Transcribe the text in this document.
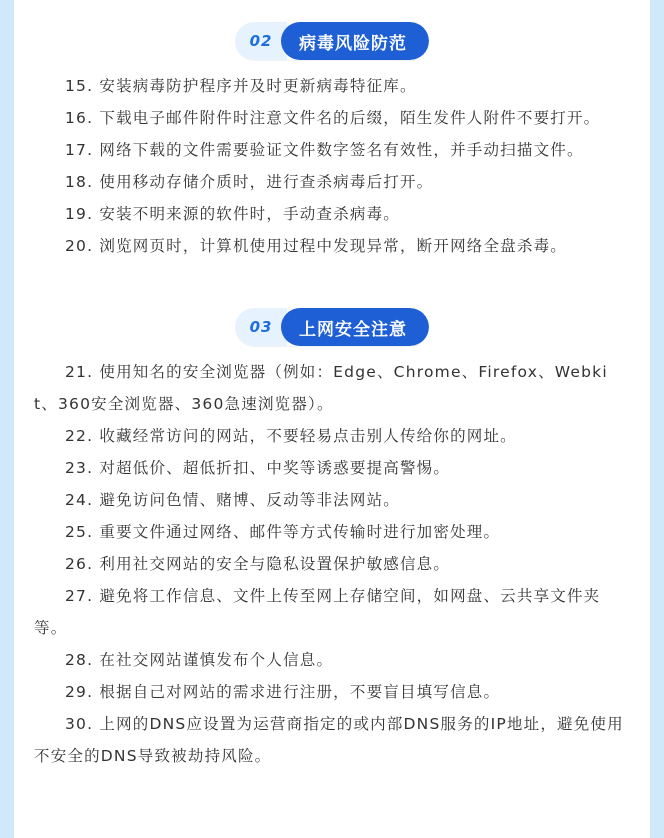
02	病毒风险防范

15. 安装病毒防护程序并及时更新病毒特征库。

16. 下载电子邮件附件时注意文件名的后缀，陌生发件人附件不要打开。

17. 网络下载的文件需要验证文件数字签名有效性，并手动扫描文件。

18. 使用移动存储介质时，进行查杀病毒后打开。

19. 安装不明来源的软件时，手动查杀病毒。

20. 浏览网页时，计算机使用过程中发现异常，断开网络全盘杀毒。

03	上网安全注意

21. 使用知名的安全浏览器（例如：Edge、Chrome、Firefox、Webkit、360安全浏览器、360急速浏览器）。

22. 收藏经常访问的网站，不要轻易点击别人传给你的网址。

23. 对超低价、超低折扣、中奖等诱惑要提高警惕。

24. 避免访问色情、赌博、反动等非法网站。

25. 重要文件通过网络、邮件等方式传输时进行加密处理。

26. 利用社交网站的安全与隐私设置保护敏感信息。

27. 避免将工作信息、文件上传至网上存储空间，如网盘、云共享文件夹等。

28. 在社交网站谨慎发布个人信息。

29. 根据自己对网站的需求进行注册，不要盲目填写信息。

30. 上网的DNS应设置为运营商指定的或内部DNS服务的IP地址，避免使用不安全的DNS导致被劫持风险。
